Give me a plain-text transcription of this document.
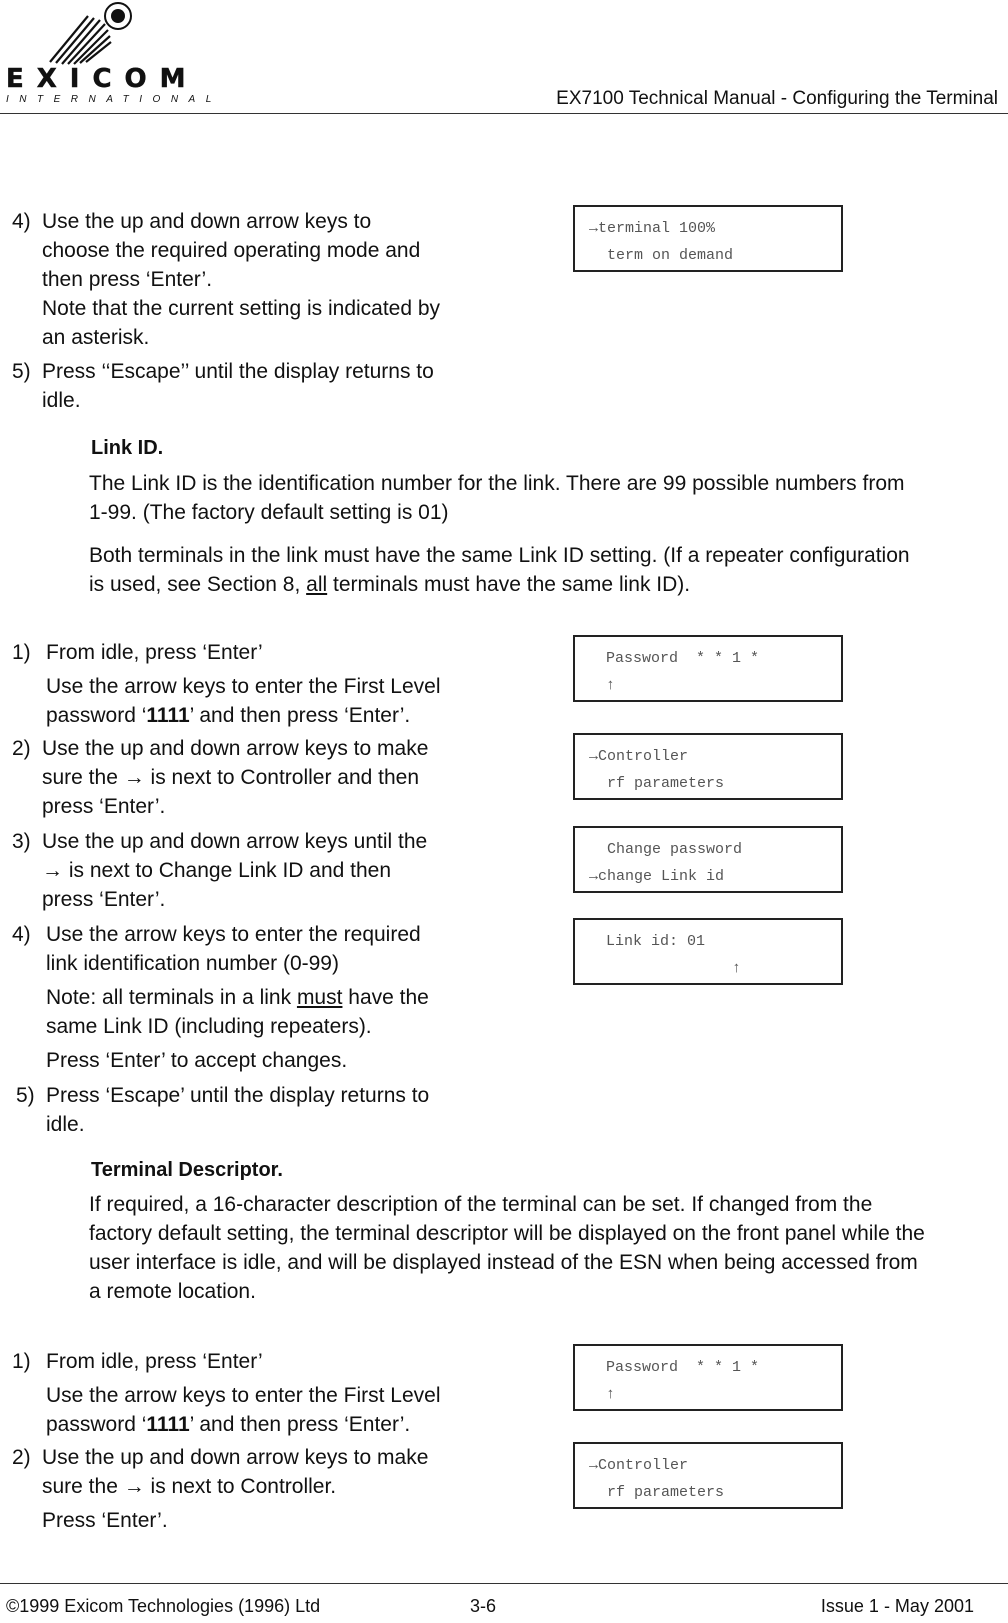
EXICOM
INTERNATIONAL	EX7100 Technical Manual - Configuring the Terminal
4) Use the up and down arrow keys to
choose the required operating mode and
then press ‘Enter’.
Note that the current setting is indicated by
an asterisk.
5) Press ‘‘Escape’’ until the display returns to
idle.
→terminal 100%
term on demand
Link ID.
The Link ID is the identification number for the link. There are 99 possible numbers from
1-99. (The factory default setting is 01)
Both terminals in the link must have the same Link ID setting. (If a repeater configuration
is used, see Section 8, all terminals must have the same link ID).
1) From idle, press ‘Enter’
Use the arrow keys to enter the First Level
password ‘1111’ and then press ‘Enter’.
2) Use the up and down arrow keys to make
sure the → is next to Controller and then
press ‘Enter’.
3) Use the up and down arrow keys until the
→ is next to Change Link ID and then
press ‘Enter’.
4) Use the arrow keys to enter the required
link identification number (0-99)
Note: all terminals in a link must have the
same Link ID (including repeaters).
Press ‘Enter’ to accept changes.
5) Press ‘Escape’ until the display returns to
idle.
Password  * * 1 *
↑
→Controller
rf parameters
Change password
→change Link id
Link id: 01
↑
Terminal Descriptor.
If required, a 16-character description of the terminal can be set. If changed from the
factory default setting, the terminal descriptor will be displayed on the front panel while the
user interface is idle, and will be displayed instead of the ESN when being accessed from
a remote location.
1) From idle, press ‘Enter’
Use the arrow keys to enter the First Level
password ‘1111’ and then press ‘Enter’.
2) Use the up and down arrow keys to make
sure the → is next to Controller.
Press ‘Enter’.
Password  * * 1 *
↑
→Controller
rf parameters
©1999 Exicom Technologies (1996) Ltd	3-6	Issue 1 - May 2001
